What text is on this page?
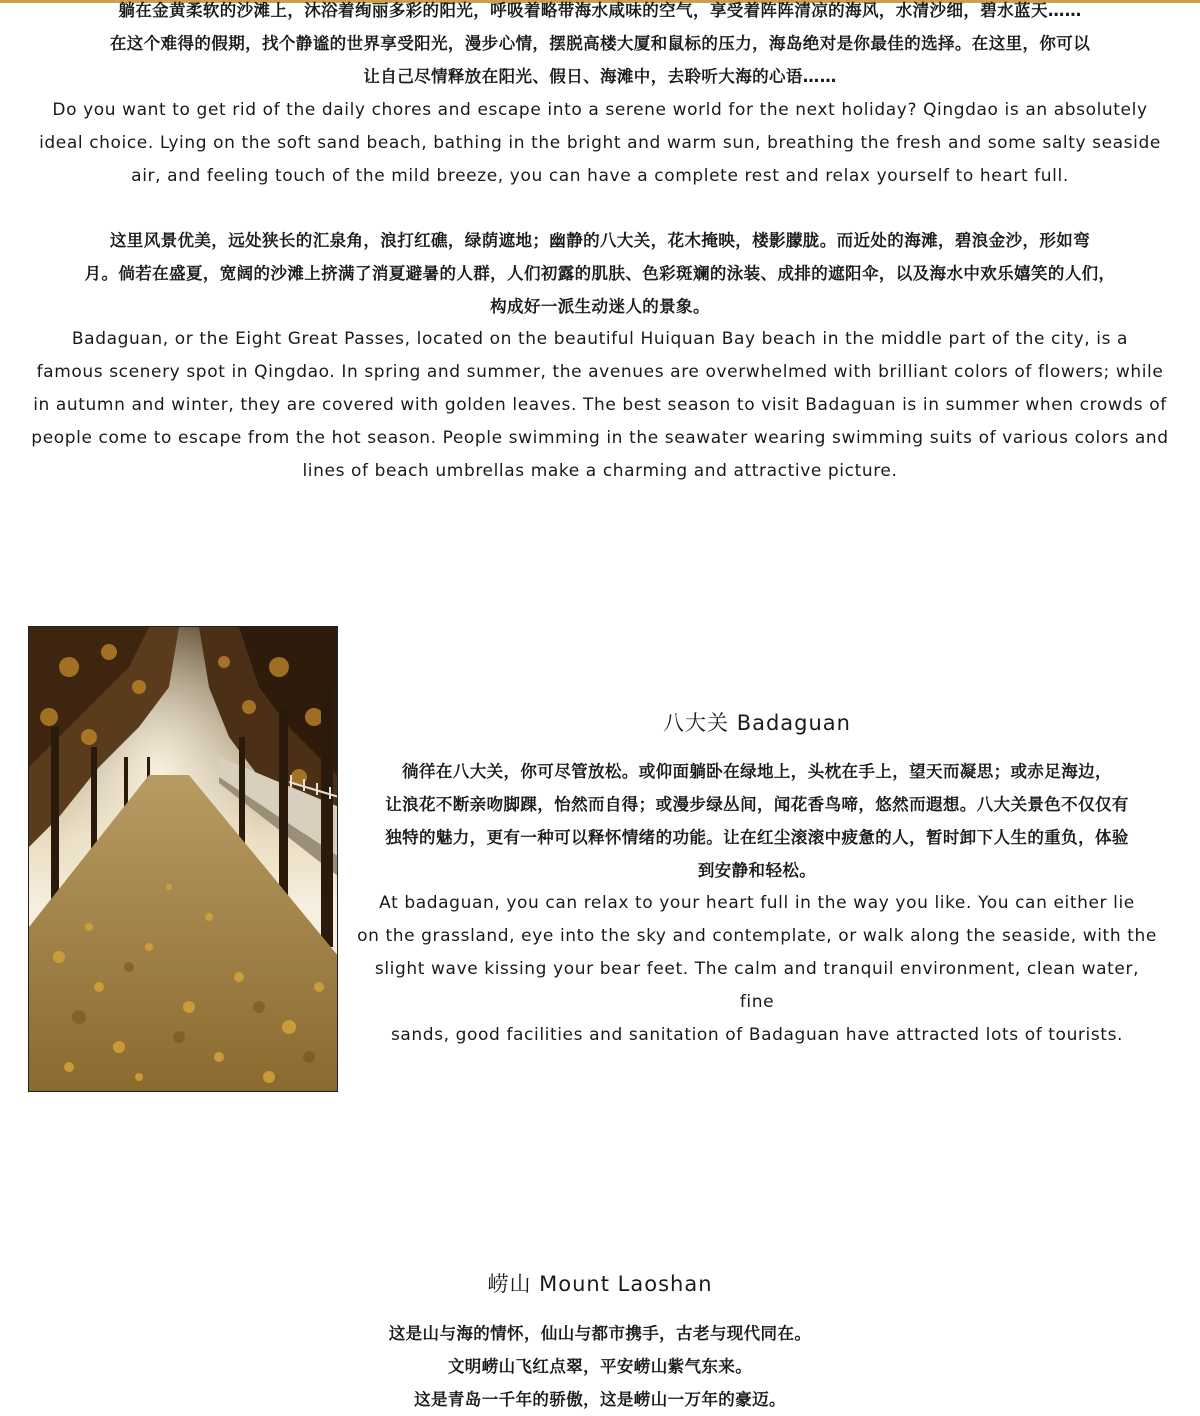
躺在金黄柔软的沙滩上，沐浴着绚丽多彩的阳光，呼吸着略带海水咸味的空气，享受着阵阵清凉的海风，水清沙细，碧水蓝天……
在这个难得的假期，找个静谧的世界享受阳光，漫步心情，摆脱高楼大厦和鼠标的压力，海岛绝对是你最佳的选择。在这里，你可以
让自己尽情释放在阳光、假日、海滩中，去聆听大海的心语……

Do you want to get rid of the daily chores and escape into a serene world for the next holiday? Qingdao is an absolutely
ideal choice. Lying on the soft sand beach, bathing in the bright and warm sun, breathing the fresh and some salty seaside
air, and feeling touch of the mild breeze, you can have a complete rest and relax yourself to heart full.

这里风景优美，远处狭长的汇泉角，浪打红礁，绿荫遮地；幽静的八大关，花木掩映，楼影朦胧。而近处的海滩，碧浪金沙，形如弯
月。倘若在盛夏，宽阔的沙滩上挤满了消夏避暑的人群，人们初露的肌肤、色彩斑斓的泳装、成排的遮阳伞，以及海水中欢乐嬉笑的人们，
构成好一派生动迷人的景象。

Badaguan, or the Eight Great Passes, located on the beautiful Huiquan Bay beach in the middle part of the city, is a
famous scenery spot in Qingdao. In spring and summer, the avenues are overwhelmed with brilliant colors of flowers; while
in autumn and winter, they are covered with golden leaves. The best season to visit Badaguan is in summer when crowds of
people come to escape from the hot season. People swimming in the seawater wearing swimming suits of various colors and
lines of beach umbrellas make a charming and attractive picture.

八大关 Badaguan

徜徉在八大关，你可尽管放松。或仰面躺卧在绿地上，头枕在手上，望天而凝思；或赤足海边，
让浪花不断亲吻脚踝，怡然而自得；或漫步绿丛间，闻花香鸟啼，悠然而遐想。八大关景色不仅仅有
独特的魅力，更有一种可以释怀情绪的功能。让在红尘滚滚中疲惫的人，暂时卸下人生的重负，体验
到安静和轻松。

At badaguan, you can relax to your heart full in the way you like. You can either lie
on the grassland, eye into the sky and contemplate, or walk along the seaside, with the
slight wave kissing your bear feet. The calm and tranquil environment, clean water, fine
sands, good facilities and sanitation of Badaguan have attracted lots of tourists.

崂山 Mount Laoshan

这是山与海的情怀，仙山与都市携手，古老与现代同在。
文明崂山飞红点翠，平安崂山紫气东来。
这是青岛一千年的骄傲，这是崂山一万年的豪迈。
